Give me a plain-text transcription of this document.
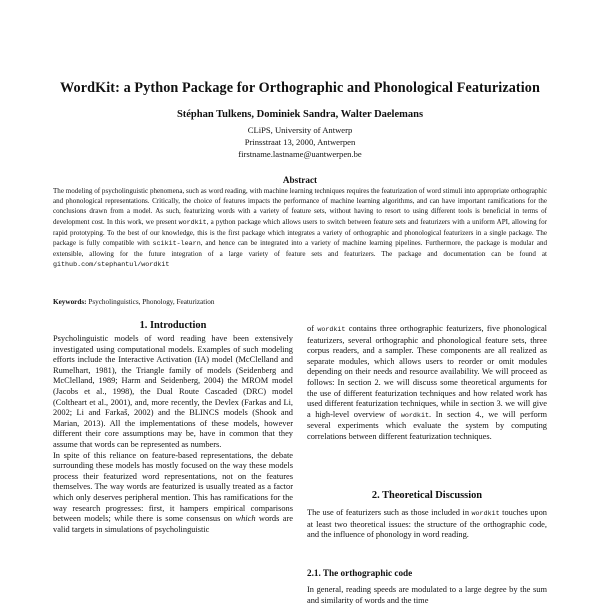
WordKit: a Python Package for Orthographic and Phonological Featurization
Stéphan Tulkens, Dominiek Sandra, Walter Daelemans
CLiPS, University of Antwerp
Prinsstraat 13, 2000, Antwerpen
firstname.lastname@uantwerpen.be
Abstract
The modeling of psycholinguistic phenomena, such as word reading, with machine learning techniques requires the featurization of word stimuli into appropriate orthographic and phonological representations. Critically, the choice of features impacts the performance of machine learning algorithms, and can have important ramifications for the conclusions drawn from a model. As such, featurizing words with a variety of feature sets, without having to resort to using different tools is beneficial in terms of development cost. In this work, we present wordkit, a python package which allows users to switch between feature sets and featurizers with a uniform API, allowing for rapid prototyping. To the best of our knowledge, this is the first package which integrates a variety of orthographic and phonological featurizers in a single package. The package is fully compatible with scikit-learn, and hence can be integrated into a variety of machine learning pipelines. Furthermore, the package is modular and extensible, allowing for the future integration of a large variety of feature sets and featurizers. The package and documentation can be found at github.com/stephantul/wordkit
Keywords: Psycholinguistics, Phonology, Featurization
1. Introduction

Psycholinguistic models of word reading have been extensively investigated using computational models. Examples of such modeling efforts include the Interactive Activation (IA) model (McClelland and Rumelhart, 1981), the Triangle family of models (Seidenberg and McClelland, 1989; Harm and Seidenberg, 2004) the MROM model (Jacobs et al., 1998), the Dual Route Cascaded (DRC) model (Coltheart et al., 2001), and, more recently, the Devlex (Farkas and Li, 2002; Li and Farkaš, 2002) and the BLINCS models (Shook and Marian, 2013). All the implementations of these models, however different their core assumptions may be, have in common that they assume that words can be represented as numbers.

In spite of this reliance on feature-based representations, the debate surrounding these models has mostly focused on the way these models process their featurized word representations, not on the features themselves. The way words are featurized is usually treated as a factor which only deserves peripheral mention. This has ramifications for the way research progresses: first, it hampers empirical comparisons between models; while there is some consensus on which words are valid targets in simulations of psycholinguistic

of wordkit contains three orthographic featurizers, five phonological featurizers, several orthographic and phonological feature sets, three corpus readers, and a sampler. These components are all realized as separate modules, which allows users to reorder or omit modules depending on their needs and resource availability. We will proceed as follows: In section 2. we will discuss some theoretical arguments for the use of different featurization techniques and how related work has used different featurization techniques, while in section 3. we will give a high-level overview of wordkit. In section 4., we will perform several experiments which evaluate the system by computing correlations between different featurization techniques.

2. Theoretical Discussion

The use of featurizers such as those included in wordkit touches upon at least two theoretical issues: the structure of the orthographic code, and the influence of phonology in word reading.

2.1. The orthographic code

In general, reading speeds are modulated to a large degree by the sum and similarity of words and the time
